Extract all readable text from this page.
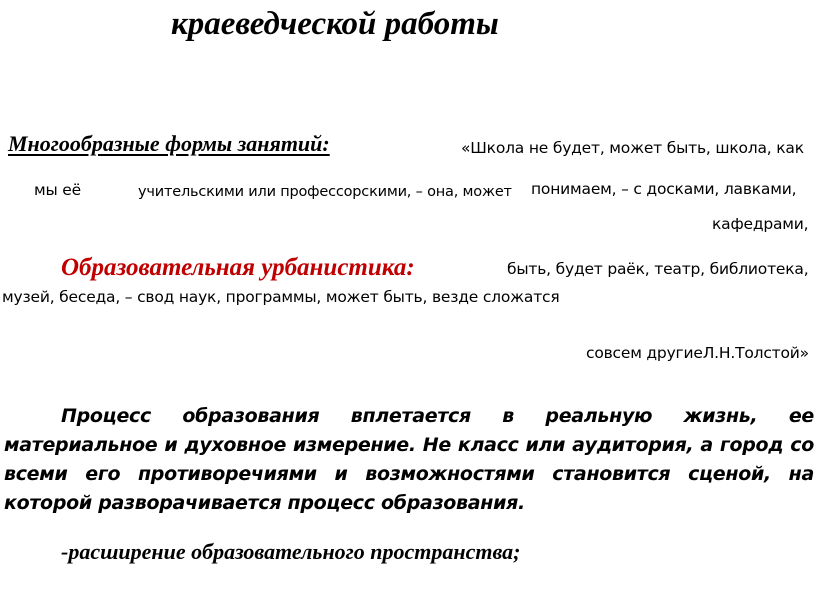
краеведческой работы
Многообразные формы занятий:	«Школа не будет, может быть, школа, как
мы её	учительскими или профессорскими, – она, может понимаем, – с досками, лавками,
кафедрами,
Образовательная урбанистика:	быть, будет раёк, театр, библиотека,
музей, беседа, – свод наук, программы, может быть, везде сложатся
совсем другиеЛ.Н.Толстой»
Процесс образования вплетается в реальную жизнь, ее материальное и духовное измерение. Не класс или аудитория, а город со всеми его противоречиями и возможностями становится сценой, на которой разворачивается процесс образования.
-расширение образовательного пространства;
